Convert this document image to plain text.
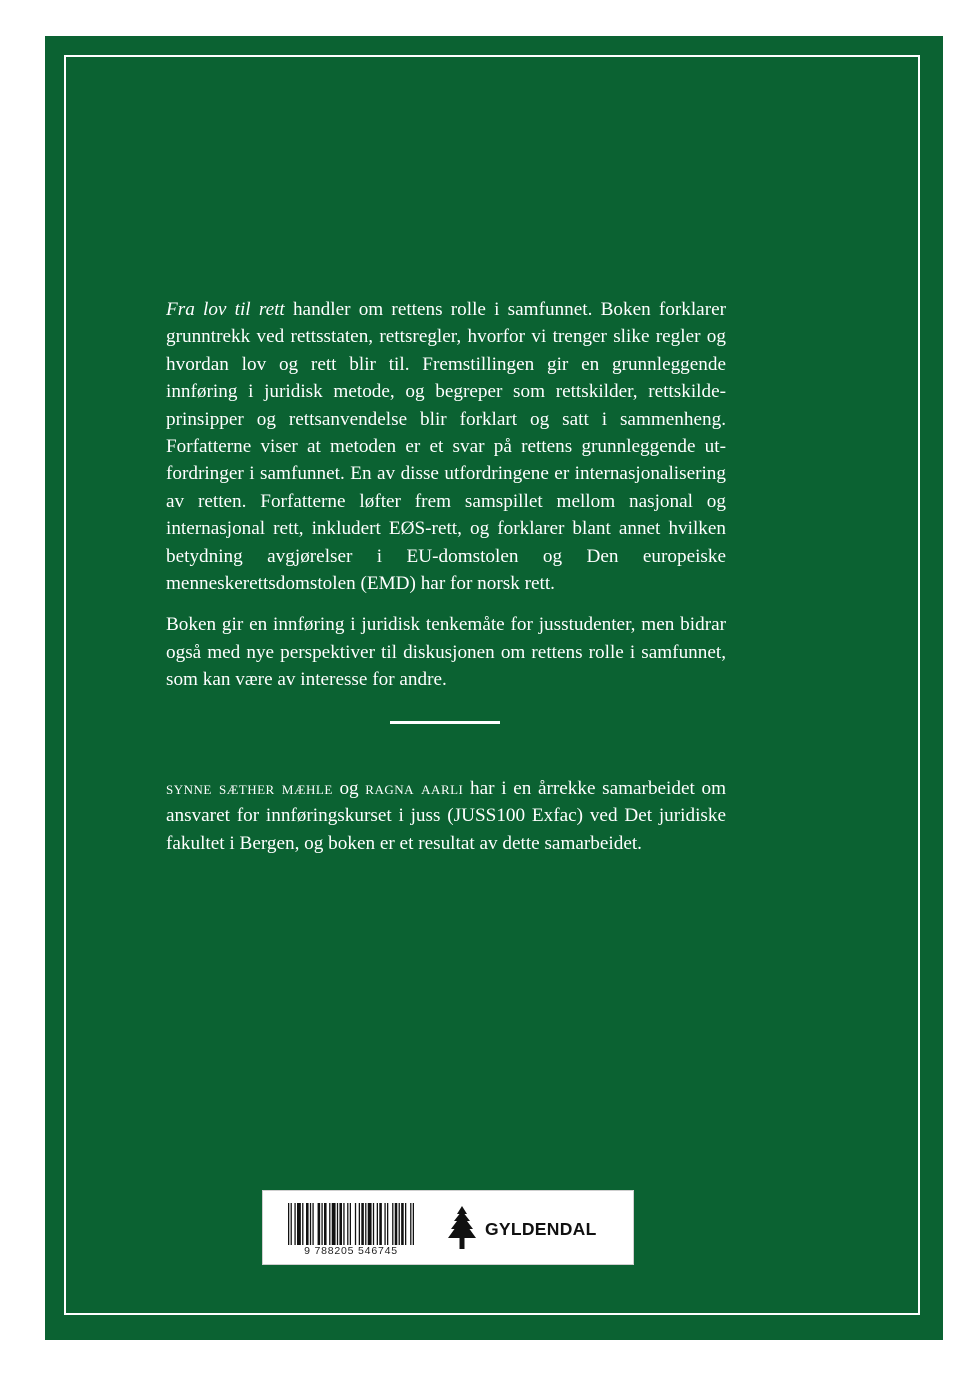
Fra lov til rett handler om rettens rolle i samfunnet. Boken forklarer grunntrekk ved rettsstaten, rettsregler, hvorfor vi trenger slike regler og hvordan lov og rett blir til. Fremstillingen gir en grunnleggende innføring i juridisk metode, og begreper som rettskilder, rettskildeprinsipper og rettsanvendelse blir forklart og satt i sammenheng. Forfatterne viser at metoden er et svar på rettens grunnleggende utfordringer i samfunnet. En av disse utfordringene er internasjonalisering av retten. Forfatterne løfter frem samspillet mellom nasjonal og internasjonal rett, inkludert EØS-rett, og forklarer blant annet hvilken betydning avgjørelser i EU-domstolen og Den europeiske menneskerettsdomstolen (EMD) har for norsk rett.

Boken gir en innføring i juridisk tenkemåte for jusstudenter, men bidrar også med nye perspektiver til diskusjonen om rettens rolle i samfunnet, som kan være av interesse for andre.

synne sæther mæhle og ragna aarli har i en årrekke samarbeidet om ansvaret for innføringskurset i juss (JUSS100 Exfac) ved Det juridiske fakultet i Bergen, og boken er et resultat av dette samarbeidet.

9 788205 546745
GYLDENDAL
